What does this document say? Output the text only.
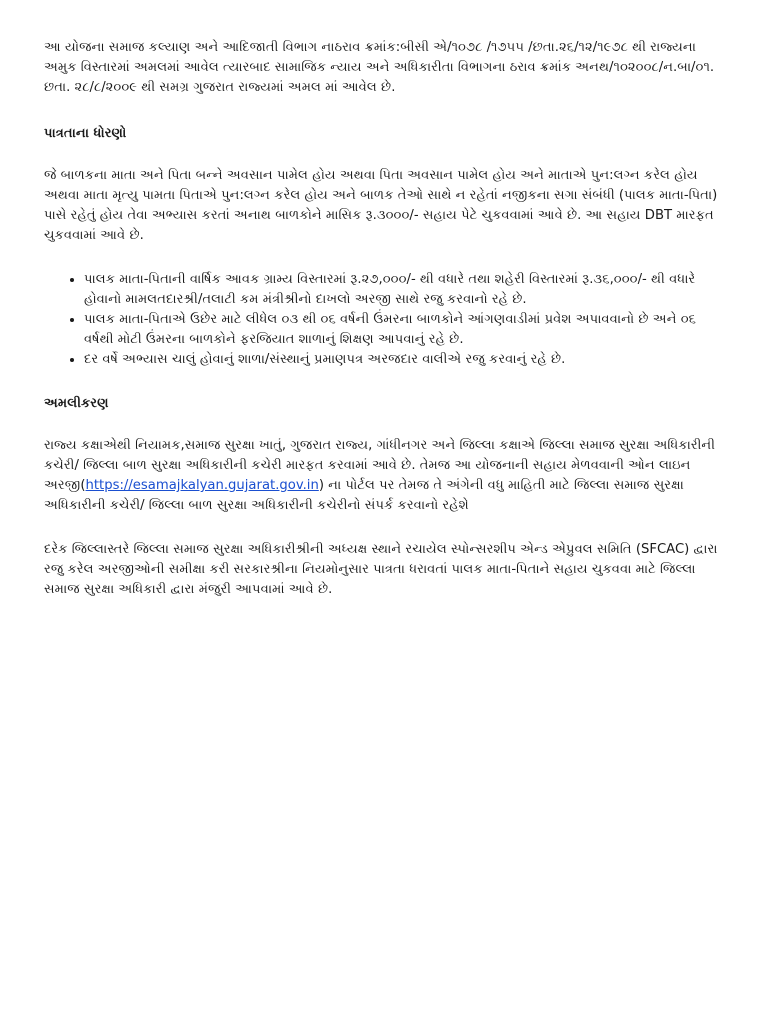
આ યોજના સમાજ કલ્યાણ અને આદિજાતી વિભાગ નાઠરાવ ક્રમાંક:બીસી એ/૧૦૭૮ /૧૭૫૫ /છતા.૨૬/૧૨/૧૯૭૮ થી રાજ્યના અમુક વિસ્તારમાં અમલમાં આવેલ ત્યારબાદ સામાજિક ન્યાય અને અધિકારીતા વિભાગના ઠરાવ ક્રમાંક અનથ/૧૦૨૦૦૮/ન.બા/૦૧. છતા. ૨૮/૮/૨૦૦૯ થી સમગ્ર ગુજરાત રાજ્યમાં અમલ માં આવેલ છે.

પાત્રતાના ધોરણો

જે બાળકના માતા અને પિતા બન્ને અવસાન પામેલ હોય અથવા પિતા અવસાન પામેલ હોય અને માતાએ પુન:લગ્ન કરેલ હોય અથવા માતા મૃત્યુ પામતા પિતાએ પુન:લગ્ન કરેલ હોય અને બાળક તેઓ સાથે ન રહેતાં નજીકના સગા સંબંધી (પાલક માતા-પિતા) પાસે રહેતું હોય તેવા અભ્યાસ કરતાં અનાથ બાળકોને માસિક રૂ.૩૦૦૦/- સહાય પેટે ચુકવવામાં આવે છે. આ સહાય DBT મારફત ચુકવવામાં આવે છે.

• પાલક માતા-પિતાની વાર્ષિક આવક ગ્રામ્ય વિસ્તારમાં રૂ.૨૭,૦૦૦/- થી વધારે તથા શહેરી વિસ્તારમાં રૂ.૩૬,૦૦૦/- થી વધારે હોવાનો મામલતદારશ્રી/તલાટી કમ મંત્રીશ્રીનો દાખલો અરજી સાથે રજુ કરવાનો રહે છે.
• પાલક માતા-પિતાએ ઉછેર માટે લીધેલ ૦૩ થી ૦૬ વર્ષની ઉંમરના બાળકોને આંગણવાડીમાં પ્રવેશ અપાવવાનો છે અને ૦૬ વર્ષથી મોટી ઉંમરના બાળકોને ફરજિયાત શાળાનું શિક્ષણ આપવાનું રહે છે.
• દર વર્ષે અભ્યાસ ચાલું હોવાનું શાળા/સંસ્થાનું પ્રમાણપત્ર અરજદાર વાલીએ રજુ કરવાનું રહે છે.
અમલીકરણ

રાજ્ય કક્ષાએથી નિયામક,સમાજ સુરક્ષા ખાતું, ગુજરાત રાજ્ય, ગાંધીનગર અને જિલ્લા કક્ષાએ જિલ્લા સમાજ સુરક્ષા અધિકારીની કચેરી/ જિલ્લા બાળ સુરક્ષા અધિકારીની કચેરી મારફત કરવામાં આવે છે. તેમજ આ યોજનાની સહાય મેળવવાની ઓન લાઇન અરજી(https://esamajkalyan.gujarat.gov.in) ના પોર્ટલ પર તેમજ તે અંગેની વધુ માહિતી માટે જિલ્લા સમાજ સુરક્ષા અધિકારીની કચેરી/ જિલ્લા બાળ સુરક્ષા અધિકારીની કચેરીનો સંપર્ક કરવાનો રહેશે

દરેક જિલ્લાસ્તરે જિલ્લા સમાજ સુરક્ષા અધિકારીશ્રીની અધ્યક્ષ સ્થાને રચાયેલ સ્પોન્સરશીપ એન્ડ એપ્રુવલ સમિતિ (SFCAC) દ્વારા રજુ કરેલ અરજીઓની સમીક્ષા કરી સરકારશ્રીના નિયમોનુસાર પાત્રતા ધરાવતાં પાલક માતા-પિતાને સહાય ચુકવવા માટે જિલ્લા સમાજ સુરક્ષા અધિકારી દ્વારા મંજુરી આપવામાં આવે છે.
